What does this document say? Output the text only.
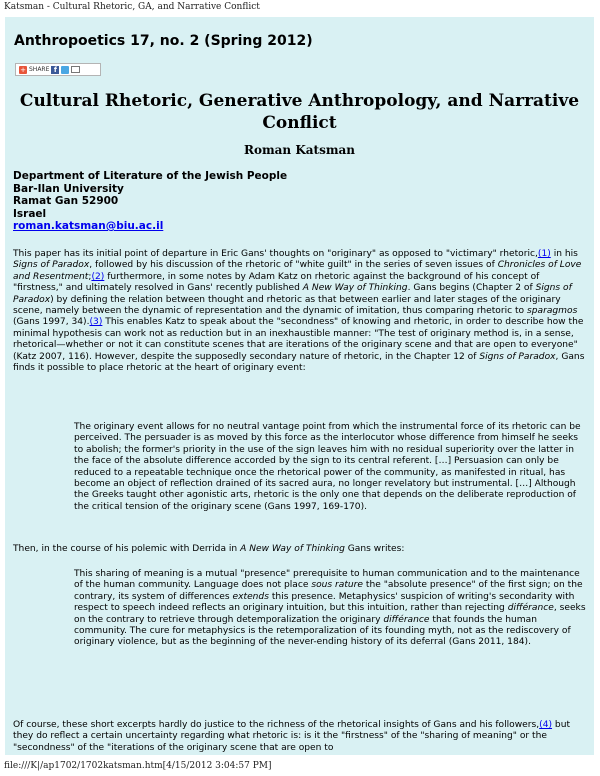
Katsman - Cultural Rhetoric, GA, and Narrative Conflict
Anthropoetics 17, no. 2 (Spring 2012)
+ SHARE f
Cultural Rhetoric, Generative Anthropology, and Narrative Conflict
Roman Katsman
Department of Literature of the Jewish People
Bar-Ilan University
Ramat Gan 52900
Israel
roman.katsman@biu.ac.il

This paper has its initial point of departure in Eric Gans' thoughts on "originary" as opposed to "victimary" rhetoric,(1) in his Signs of Paradox, followed by his discussion of the rhetoric of "white guilt" in the series of seven issues of Chronicles of Love and Resentment;(2) furthermore, in some notes by Adam Katz on rhetoric against the background of his concept of "firstness," and ultimately resolved in Gans' recently published A New Way of Thinking. Gans begins (Chapter 2 of Signs of Paradox) by defining the relation between thought and rhetoric as that between earlier and later stages of the originary scene, namely between the dynamic of representation and the dynamic of imitation, thus comparing rhetoric to sparagmos (Gans 1997, 34).(3) This enables Katz to speak about the "secondness" of knowing and rhetoric, in order to describe how the minimal hypothesis can work not as reduction but in an inexhaustible manner: "The test of originary method is, in a sense, rhetorical—whether or not it can constitute scenes that are iterations of the originary scene and that are open to everyone" (Katz 2007, 116). However, despite the supposedly secondary nature of rhetoric, in the Chapter 12 of Signs of Paradox, Gans finds it possible to place rhetoric at the heart of originary event:

The originary event allows for no neutral vantage point from which the instrumental force of its rhetoric can be perceived. The persuader is as moved by this force as the interlocutor whose difference from himself he seeks to abolish; the former's priority in the use of the sign leaves him with no residual superiority over the latter in the face of the absolute difference accorded by the sign to its central referent. […] Persuasion can only be reduced to a repeatable technique once the rhetorical power of the community, as manifested in ritual, has become an object of reflection drained of its sacred aura, no longer revelatory but instrumental. […] Although the Greeks taught other agonistic arts, rhetoric is the only one that depends on the deliberate reproduction of the critical tension of the originary scene (Gans 1997, 169-170).

Then, in the course of his polemic with Derrida in A New Way of Thinking Gans writes:

This sharing of meaning is a mutual "presence" prerequisite to human communication and to the maintenance of the human community. Language does not place sous rature the "absolute presence" of the first sign; on the contrary, its system of differences extends this presence. Metaphysics' suspicion of writing's secondarity with respect to speech indeed reflects an originary intuition, but this intuition, rather than rejecting différance, seeks on the contrary to retrieve through detemporalization the originary différance that founds the human community. The cure for metaphysics is the retemporalization of its founding myth, not as the rediscovery of originary violence, but as the beginning of the never-ending history of its deferral (Gans 2011, 184).

Of course, these short excerpts hardly do justice to the richness of the rhetorical insights of Gans and his followers,(4) but they do reflect a certain uncertainty regarding what rhetoric is: is it the "firstness" of the "sharing of meaning" or the "secondness" of the "iterations of the originary scene that are open to

file:///K|/ap1702/1702katsman.htm[4/15/2012 3:04:57 PM]
